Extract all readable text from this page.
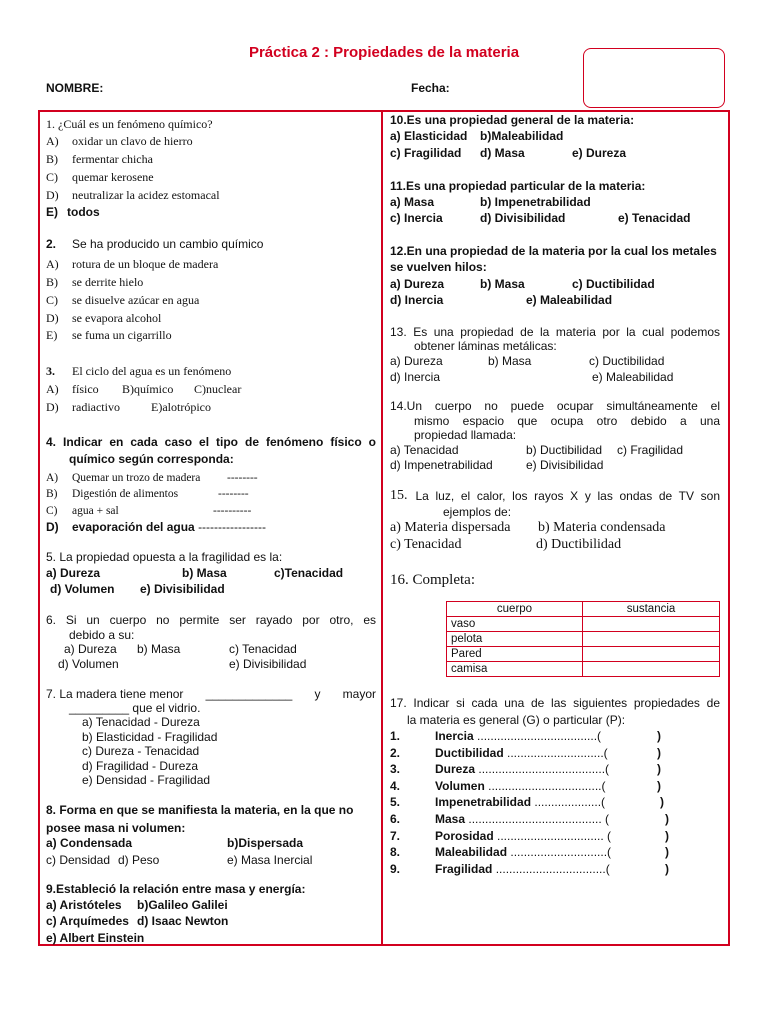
Práctica 2 : Propiedades de la materia
NOMBRE:	Fecha:
1. ¿Cuál es un fenómeno químico?
A) oxidar un clavo de hierro
B) fermentar chicha
C) quemar kerosene
D) neutralizar la acidez estomacal
E) todos
2. Se ha producido un cambio químico
A) rotura de un bloque de madera
B) se derrite hielo
C) se disuelve azúcar en agua
D) se evapora alcohol
E) se fuma un cigarrillo
3. El ciclo del agua es un fenómeno
A) físico B)químico C)nuclear
D) radiactivo	E)alotrópico
4. Indicar en cada caso el tipo de fenómeno físico o
químico según corresponda:
A) Quemar un trozo de madera --------
B) Digestión de alimentos	--------
C) agua + sal	----------
D) evaporación del agua -----------------
5. La propiedad opuesta a la fragilidad es la:
a) Dureza	b) Masa	c)Tenacidad
d) Volumen e) Divisibilidad
6. Si un cuerpo no permite ser rayado por otro, es
debido a su:
a) Dureza b) Masa	c) Tenacidad
d) Volumen	e) Divisibilidad
7. La madera tiene menor _____________ y mayor
_________ que el vidrio.
a) Tenacidad - Dureza
b) Elasticidad - Fragilidad
c) Dureza - Tenacidad
d) Fragilidad - Dureza
e) Densidad - Fragilidad
8. Forma en que se manifiesta la materia, en la que no
posee masa ni volumen:
a) Condensada	b)Dispersada
c) Densidad d) Peso	e) Masa Inercial
9.Estableció la relación entre masa y energía:
a) Aristóteles b)Galileo Galilei
c) Arquímedes d) Isaac Newton
e) Albert Einstein
10.Es una propiedad general de la materia:
a) Elasticidad b)Maleabilidad
c) Fragilidad d) Masa	e) Dureza
11.Es una propiedad particular de la materia:
a) Masa	b) Impenetrabilidad
c) Inercia	d) Divisibilidad	e) Tenacidad
12.En una propiedad de la materia por la cual los metales
se vuelven hilos:
a) Dureza	b) Masa	c) Ductibilidad
d) Inercia	e) Maleabilidad
13. Es una propiedad de la materia por la cual podemos
obtener láminas metálicas:
a) Dureza	b) Masa	c) Ductibilidad
d) Inercia	e) Maleabilidad
14.Un cuerpo no puede ocupar simultáneamente el
mismo espacio que ocupa otro debido a una
propiedad llamada:
a) Tenacidad	b) Ductibilidad c) Fragilidad
d) Impenetrabilidad	e) Divisibilidad
15. La luz, el calor, los rayos X y las ondas de TV son
ejemplos de:
a) Materia dispersada b) Materia condensada
c) Tenacidad	d) Ductibilidad
16. Completa:
cuerpo	sustancia
vaso	
pelota	
Pared	
camisa	
17. Indicar si cada una de las siguientes propiedades de
la materia es general (G) o particular (P):
1.	Inercia ....................................(	)
2.	Ductibilidad .............................(	)
3.	Dureza ......................................(	)
4.	Volumen ..................................(	)
5.	Impenetrabilidad ....................(	)
6.	Masa ........................................ (	)
7.	Porosidad ................................ (	)
8.	Maleabilidad .............................(	)
9.	Fragilidad .................................(	)
